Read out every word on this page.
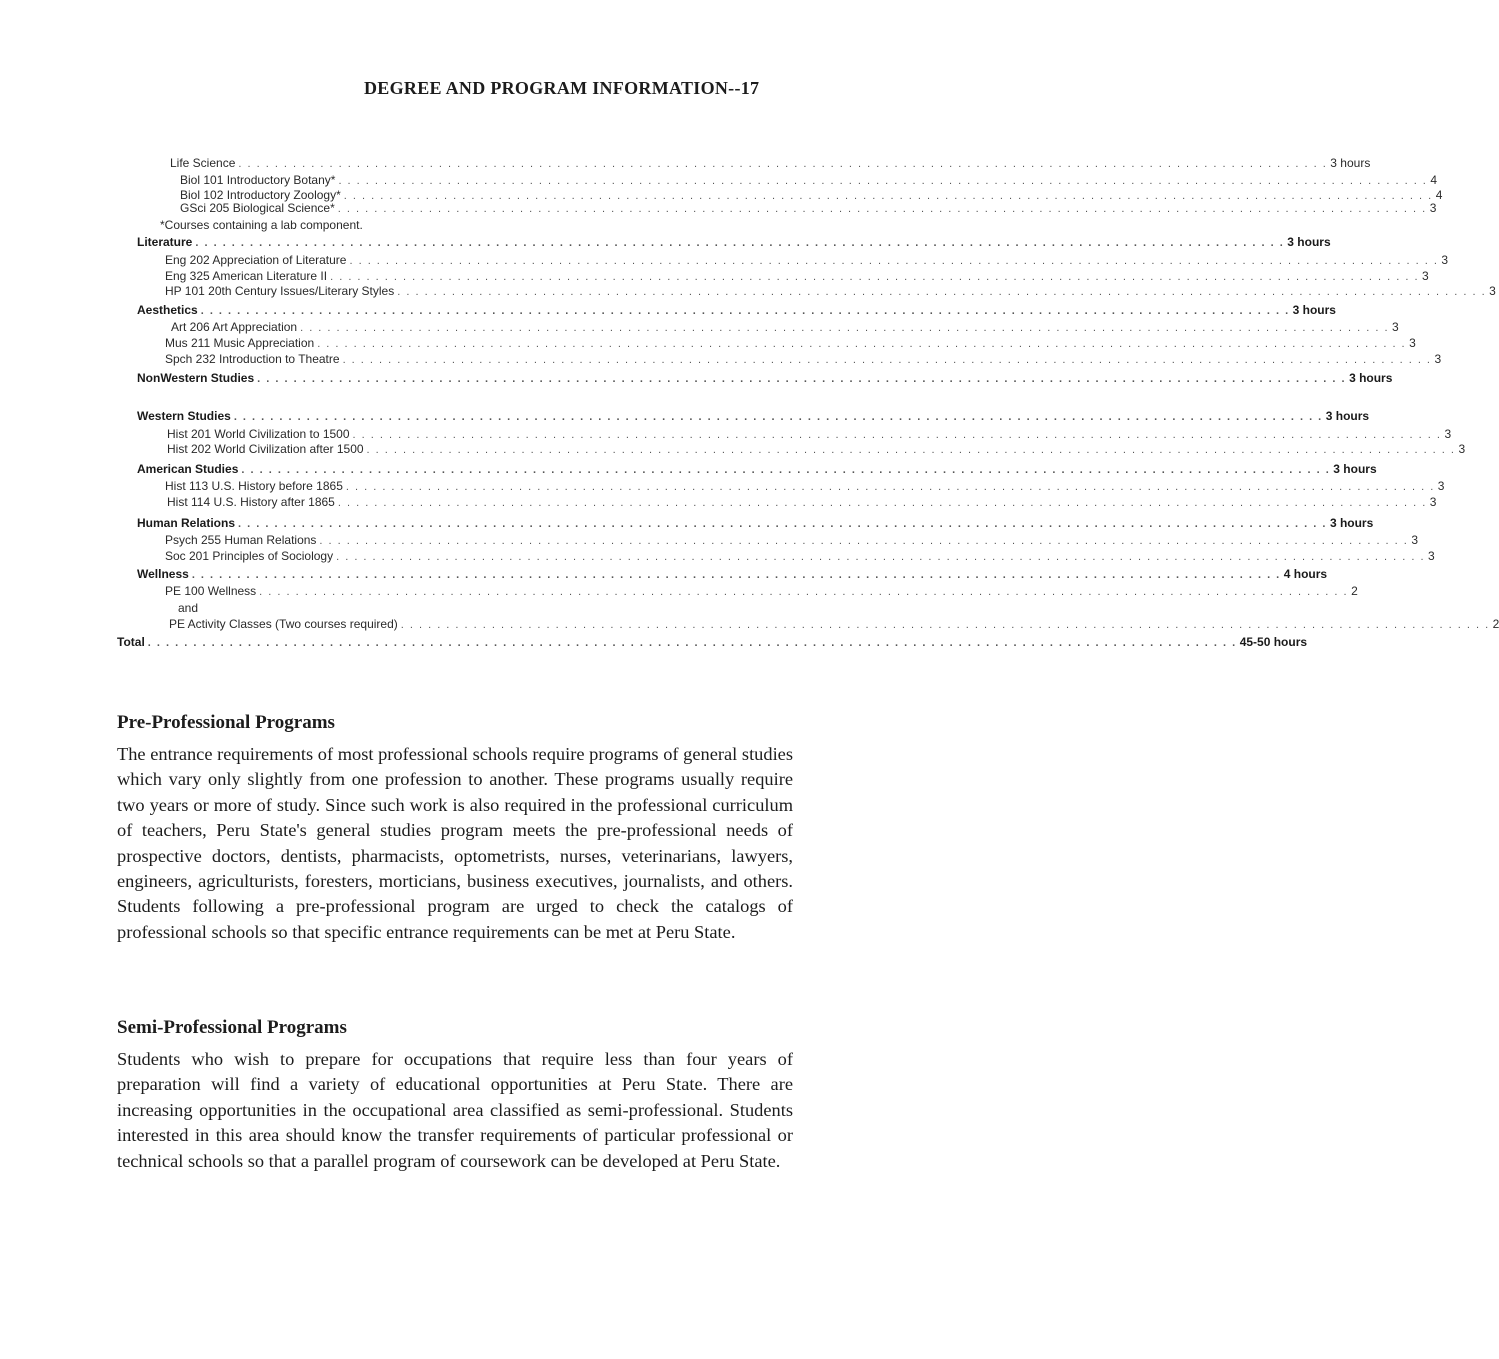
DEGREE AND PROGRAM INFORMATION--17
Life Science . . . . . . . . . . . . . . . . . . . . . . . . . . . . . . . . . . . . . . . . . . . . . . . . . . . . . . . . . . . . . . . . . . . . . . . . . . . . . . . . . . . . . . . . . . . . . . . . . . . . . . . . . . . . . . . . . . . . . . . . 3 hours
Biol 101 Introductory Botany* . . . . . . . . . . . . . . . . . . . . . . . . . . . . . . . . . . . . . . . . . . . . . . . . . . . . . . . . . . . . . . . . . . . . . . . . . . . . . . . . . . . . . . . . . . . . . . . . . . . . . . . . . . . . . . . . . . . . . . . . 4
Biol 102 Introductory Zoology* . . . . . . . . . . . . . . . . . . . . . . . . . . . . . . . . . . . . . . . . . . . . . . . . . . . . . . . . . . . . . . . . . . . . . . . . . . . . . . . . . . . . . . . . . . . . . . . . . . . . . . . . . . . . . . . . . . . . . . . . 4
GSci 205 Biological Science* . . . . . . . . . . . . . . . . . . . . . . . . . . . . . . . . . . . . . . . . . . . . . . . . . . . . . . . . . . . . . . . . . . . . . . . . . . . . . . . . . . . . . . . . . . . . . . . . . . . . . . . . . . . . . . . . . . . . . . . . 3
*Courses containing a lab component.
Literature . . . . . . . . . . . . . . . . . . . . . . . . . . . . . . . . . . . . . . . . . . . . . . . . . . . . . . . . . . . . . . . . . . . . . . . . . . . . . . . . . . . . . . . . . . . . . . . . . . . . . . . . . . . . . . . . . . . . . . . . 3 hours
Eng 202 Appreciation of Literature . . . . . . . . . . . . . . . . . . . . . . . . . . . . . . . . . . . . . . . . . . . . . . . . . . . . . . . . . . . . . . . . . . . . . . . . . . . . . . . . . . . . . . . . . . . . . . . . . . . . . . . . . . . . . . . . . . . . . . . . 3
Eng 325 American Literature II . . . . . . . . . . . . . . . . . . . . . . . . . . . . . . . . . . . . . . . . . . . . . . . . . . . . . . . . . . . . . . . . . . . . . . . . . . . . . . . . . . . . . . . . . . . . . . . . . . . . . . . . . . . . . . . . . . . . . . . . 3
HP 101 20th Century Issues/Literary Styles . . . . . . . . . . . . . . . . . . . . . . . . . . . . . . . . . . . . . . . . . . . . . . . . . . . . . . . . . . . . . . . . . . . . . . . . . . . . . . . . . . . . . . . . . . . . . . . . . . . . . . . . . . . . . . . . . . . . . . . . 3
Aesthetics . . . . . . . . . . . . . . . . . . . . . . . . . . . . . . . . . . . . . . . . . . . . . . . . . . . . . . . . . . . . . . . . . . . . . . . . . . . . . . . . . . . . . . . . . . . . . . . . . . . . . . . . . . . . . . . . . . . . . . . . 3 hours
Art 206 Art Appreciation . . . . . . . . . . . . . . . . . . . . . . . . . . . . . . . . . . . . . . . . . . . . . . . . . . . . . . . . . . . . . . . . . . . . . . . . . . . . . . . . . . . . . . . . . . . . . . . . . . . . . . . . . . . . . . . . . . . . . . . . 3
Mus 211 Music Appreciation . . . . . . . . . . . . . . . . . . . . . . . . . . . . . . . . . . . . . . . . . . . . . . . . . . . . . . . . . . . . . . . . . . . . . . . . . . . . . . . . . . . . . . . . . . . . . . . . . . . . . . . . . . . . . . . . . . . . . . . . 3
Spch 232 Introduction to Theatre . . . . . . . . . . . . . . . . . . . . . . . . . . . . . . . . . . . . . . . . . . . . . . . . . . . . . . . . . . . . . . . . . . . . . . . . . . . . . . . . . . . . . . . . . . . . . . . . . . . . . . . . . . . . . . . . . . . . . . . . 3
NonWestern Studies . . . . . . . . . . . . . . . . . . . . . . . . . . . . . . . . . . . . . . . . . . . . . . . . . . . . . . . . . . . . . . . . . . . . . . . . . . . . . . . . . . . . . . . . . . . . . . . . . . . . . . . . . . . . . . . . . . . . . . . . 3 hours
Western Studies . . . . . . . . . . . . . . . . . . . . . . . . . . . . . . . . . . . . . . . . . . . . . . . . . . . . . . . . . . . . . . . . . . . . . . . . . . . . . . . . . . . . . . . . . . . . . . . . . . . . . . . . . . . . . . . . . . . . . . . . 3 hours
Hist 201 World Civilization to 1500 . . . . . . . . . . . . . . . . . . . . . . . . . . . . . . . . . . . . . . . . . . . . . . . . . . . . . . . . . . . . . . . . . . . . . . . . . . . . . . . . . . . . . . . . . . . . . . . . . . . . . . . . . . . . . . . . . . . . . . . . 3
Hist 202 World Civilization after 1500 . . . . . . . . . . . . . . . . . . . . . . . . . . . . . . . . . . . . . . . . . . . . . . . . . . . . . . . . . . . . . . . . . . . . . . . . . . . . . . . . . . . . . . . . . . . . . . . . . . . . . . . . . . . . . . . . . . . . . . . . 3
American Studies . . . . . . . . . . . . . . . . . . . . . . . . . . . . . . . . . . . . . . . . . . . . . . . . . . . . . . . . . . . . . . . . . . . . . . . . . . . . . . . . . . . . . . . . . . . . . . . . . . . . . . . . . . . . . . . . . . . . . . . . 3 hours
Hist 113 U.S. History before 1865 . . . . . . . . . . . . . . . . . . . . . . . . . . . . . . . . . . . . . . . . . . . . . . . . . . . . . . . . . . . . . . . . . . . . . . . . . . . . . . . . . . . . . . . . . . . . . . . . . . . . . . . . . . . . . . . . . . . . . . . . 3
Hist 114 U.S. History after 1865 . . . . . . . . . . . . . . . . . . . . . . . . . . . . . . . . . . . . . . . . . . . . . . . . . . . . . . . . . . . . . . . . . . . . . . . . . . . . . . . . . . . . . . . . . . . . . . . . . . . . . . . . . . . . . . . . . . . . . . . . 3
Human Relations . . . . . . . . . . . . . . . . . . . . . . . . . . . . . . . . . . . . . . . . . . . . . . . . . . . . . . . . . . . . . . . . . . . . . . . . . . . . . . . . . . . . . . . . . . . . . . . . . . . . . . . . . . . . . . . . . . . . . . . . 3 hours
Psych 255 Human Relations . . . . . . . . . . . . . . . . . . . . . . . . . . . . . . . . . . . . . . . . . . . . . . . . . . . . . . . . . . . . . . . . . . . . . . . . . . . . . . . . . . . . . . . . . . . . . . . . . . . . . . . . . . . . . . . . . . . . . . . . 3
Soc 201 Principles of Sociology . . . . . . . . . . . . . . . . . . . . . . . . . . . . . . . . . . . . . . . . . . . . . . . . . . . . . . . . . . . . . . . . . . . . . . . . . . . . . . . . . . . . . . . . . . . . . . . . . . . . . . . . . . . . . . . . . . . . . . . . 3
Wellness . . . . . . . . . . . . . . . . . . . . . . . . . . . . . . . . . . . . . . . . . . . . . . . . . . . . . . . . . . . . . . . . . . . . . . . . . . . . . . . . . . . . . . . . . . . . . . . . . . . . . . . . . . . . . . . . . . . . . . . . 4 hours
PE 100 Wellness . . . . . . . . . . . . . . . . . . . . . . . . . . . . . . . . . . . . . . . . . . . . . . . . . . . . . . . . . . . . . . . . . . . . . . . . . . . . . . . . . . . . . . . . . . . . . . . . . . . . . . . . . . . . . . . . . . . . . . . . 2
and
PE Activity Classes (Two courses required) . . . . . . . . . . . . . . . . . . . . . . . . . . . . . . . . . . . . . . . . . . . . . . . . . . . . . . . . . . . . . . . . . . . . . . . . . . . . . . . . . . . . . . . . . . . . . . . . . . . . . . . . . . . . . . . . . . . . . . . . 2
Total . . . . . . . . . . . . . . . . . . . . . . . . . . . . . . . . . . . . . . . . . . . . . . . . . . . . . . . . . . . . . . . . . . . . . . . . . . . . . . . . . . . . . . . . . . . . . . . . . . . . . . . . . . . . . . . . . . . . . . . . 45-50 hours
Pre-Professional Programs
The entrance requirements of most professional schools require programs of general studies which vary only slightly from one profession to another. These programs usually require two years or more of study. Since such work is also required in the professional curriculum of teachers, Peru State's general studies program meets the pre-professional needs of prospective doctors, dentists, pharmacists, optometrists, nurses, veterinarians, lawyers, engineers, agriculturists, foresters, morticians, business executives, journalists, and others. Students following a pre-professional program are urged to check the catalogs of professional schools so that specific entrance requirements can be met at Peru State.
Semi-Professional Programs
Students who wish to prepare for occupations that require less than four years of preparation will find a variety of educational opportunities at Peru State. There are increasing opportunities in the occupational area classified as semi-professional. Students interested in this area should know the transfer requirements of particular professional or technical schools so that a parallel program of coursework can be developed at Peru State.
